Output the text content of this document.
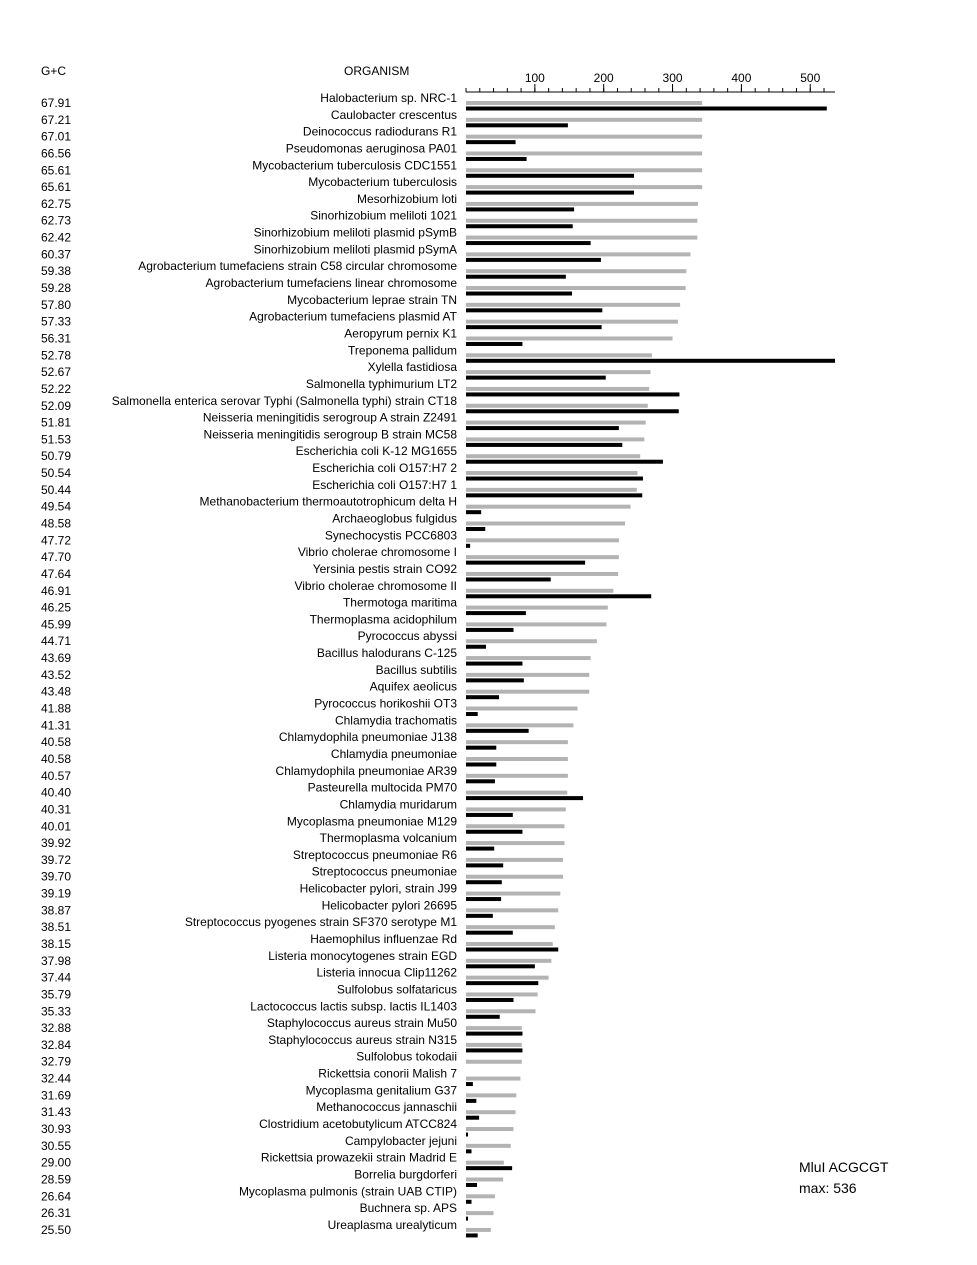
G+C	ORGANISM	100	200	300	400	500
67.91	Halobacterium sp. NRC-1
67.21	Caulobacter crescentus
67.01	Deinococcus radiodurans R1
66.56	Pseudomonas aeruginosa PA01
65.61	Mycobacterium tuberculosis CDC1551
65.61	Mycobacterium tuberculosis
62.75	Mesorhizobium loti
62.73	Sinorhizobium meliloti 1021
62.42	Sinorhizobium meliloti plasmid pSymB
60.37	Sinorhizobium meliloti plasmid pSymA
59.38	Agrobacterium tumefaciens strain C58 circular chromosome
59.28	Agrobacterium tumefaciens linear chromosome
57.80	Mycobacterium leprae strain TN
57.33	Agrobacterium tumefaciens plasmid AT
56.31	Aeropyrum pernix K1
52.78	Treponema pallidum
52.67	Xylella fastidiosa
52.22	Salmonella typhimurium LT2
52.09	Salmonella enterica serovar Typhi (Salmonella typhi) strain CT18
51.81	Neisseria meningitidis serogroup A strain Z2491
51.53	Neisseria meningitidis serogroup B strain MC58
50.79	Escherichia coli K-12 MG1655
50.54	Escherichia coli O157:H7 2
50.44	Escherichia coli O157:H7 1
49.54	Methanobacterium thermoautotrophicum delta H
48.58	Archaeoglobus fulgidus
47.72	Synechocystis PCC6803
47.70	Vibrio cholerae chromosome I
47.64	Yersinia pestis strain CO92
46.91	Vibrio cholerae chromosome II
46.25	Thermotoga maritima
45.99	Thermoplasma acidophilum
44.71	Pyrococcus abyssi
43.69	Bacillus halodurans C-125
43.52	Bacillus subtilis
43.48	Aquifex aeolicus
41.88	Pyrococcus horikoshii OT3
41.31	Chlamydia trachomatis
40.58	Chlamydophila pneumoniae J138
40.58	Chlamydia pneumoniae
40.57	Chlamydophila pneumoniae AR39
40.40	Pasteurella multocida PM70
40.31	Chlamydia muridarum
40.01	Mycoplasma pneumoniae M129
39.92	Thermoplasma volcanium
39.72	Streptococcus pneumoniae R6
39.70	Streptococcus pneumoniae
39.19	Helicobacter pylori, strain J99
38.87	Helicobacter pylori 26695
38.51	Streptococcus pyogenes strain SF370 serotype M1
38.15	Haemophilus influenzae Rd
37.98	Listeria monocytogenes strain EGD
37.44	Listeria innocua Clip11262
35.79	Sulfolobus solfataricus
35.33	Lactococcus lactis subsp. lactis IL1403
32.88	Staphylococcus aureus strain Mu50
32.84	Staphylococcus aureus strain N315
32.79	Sulfolobus tokodaii
32.44	Rickettsia conorii Malish 7
31.69	Mycoplasma genitalium G37
31.43	Methanococcus jannaschii
30.93	Clostridium acetobutylicum ATCC824
30.55	Campylobacter jejuni
29.00	Rickettsia prowazekii strain Madrid E
28.59	Borrelia burgdorferi
26.64	Mycoplasma pulmonis (strain UAB CTIP)
26.31	Buchnera sp. APS
25.50	Ureaplasma urealyticum
MluI ACGCGT
max: 536
